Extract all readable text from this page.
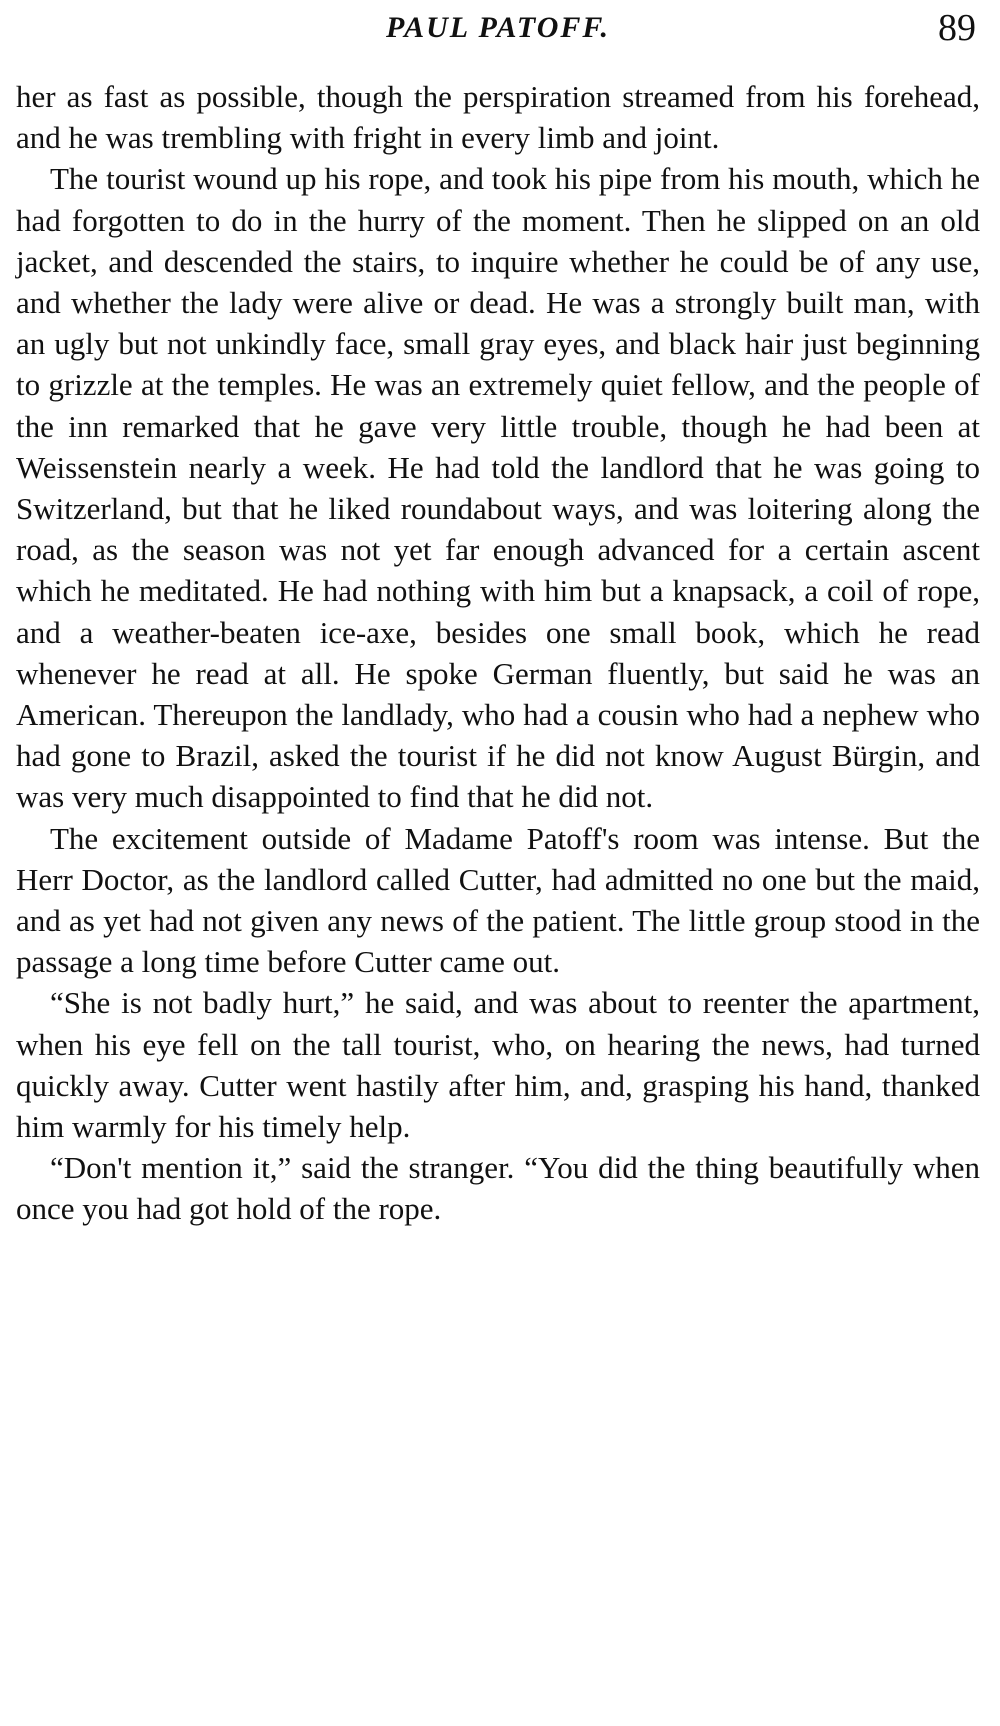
PAUL PATOFF.	89

her as fast as possible, though the perspiration streamed from his forehead, and he was trembling with fright in every limb and joint.

The tourist wound up his rope, and took his pipe from his mouth, which he had forgotten to do in the hurry of the moment. Then he slipped on an old jacket, and descended the stairs, to inquire whether he could be of any use, and whether the lady were alive or dead. He was a strongly built man, with an ugly but not unkindly face, small gray eyes, and black hair just beginning to grizzle at the temples. He was an extremely quiet fellow, and the people of the inn remarked that he gave very little trouble, though he had been at Weissenstein nearly a week. He had told the landlord that he was going to Switzerland, but that he liked roundabout ways, and was loitering along the road, as the season was not yet far enough advanced for a certain ascent which he meditated. He had nothing with him but a knapsack, a coil of rope, and a weather-beaten ice-axe, besides one small book, which he read whenever he read at all. He spoke German fluently, but said he was an American. Thereupon the landlady, who had a cousin who had a nephew who had gone to Brazil, asked the tourist if he did not know August Bürgin, and was very much disappointed to find that he did not.

The excitement outside of Madame Patoff's room was intense. But the Herr Doctor, as the landlord called Cutter, had admitted no one but the maid, and as yet had not given any news of the patient. The little group stood in the passage a long time before Cutter came out.

“She is not badly hurt,” he said, and was about to reenter the apartment, when his eye fell on the tall tourist, who, on hearing the news, had turned quickly away. Cutter went hastily after him, and, grasping his hand, thanked him warmly for his timely help.

“Don't mention it,” said the stranger. “You did the thing beautifully when once you had got hold of the rope.
